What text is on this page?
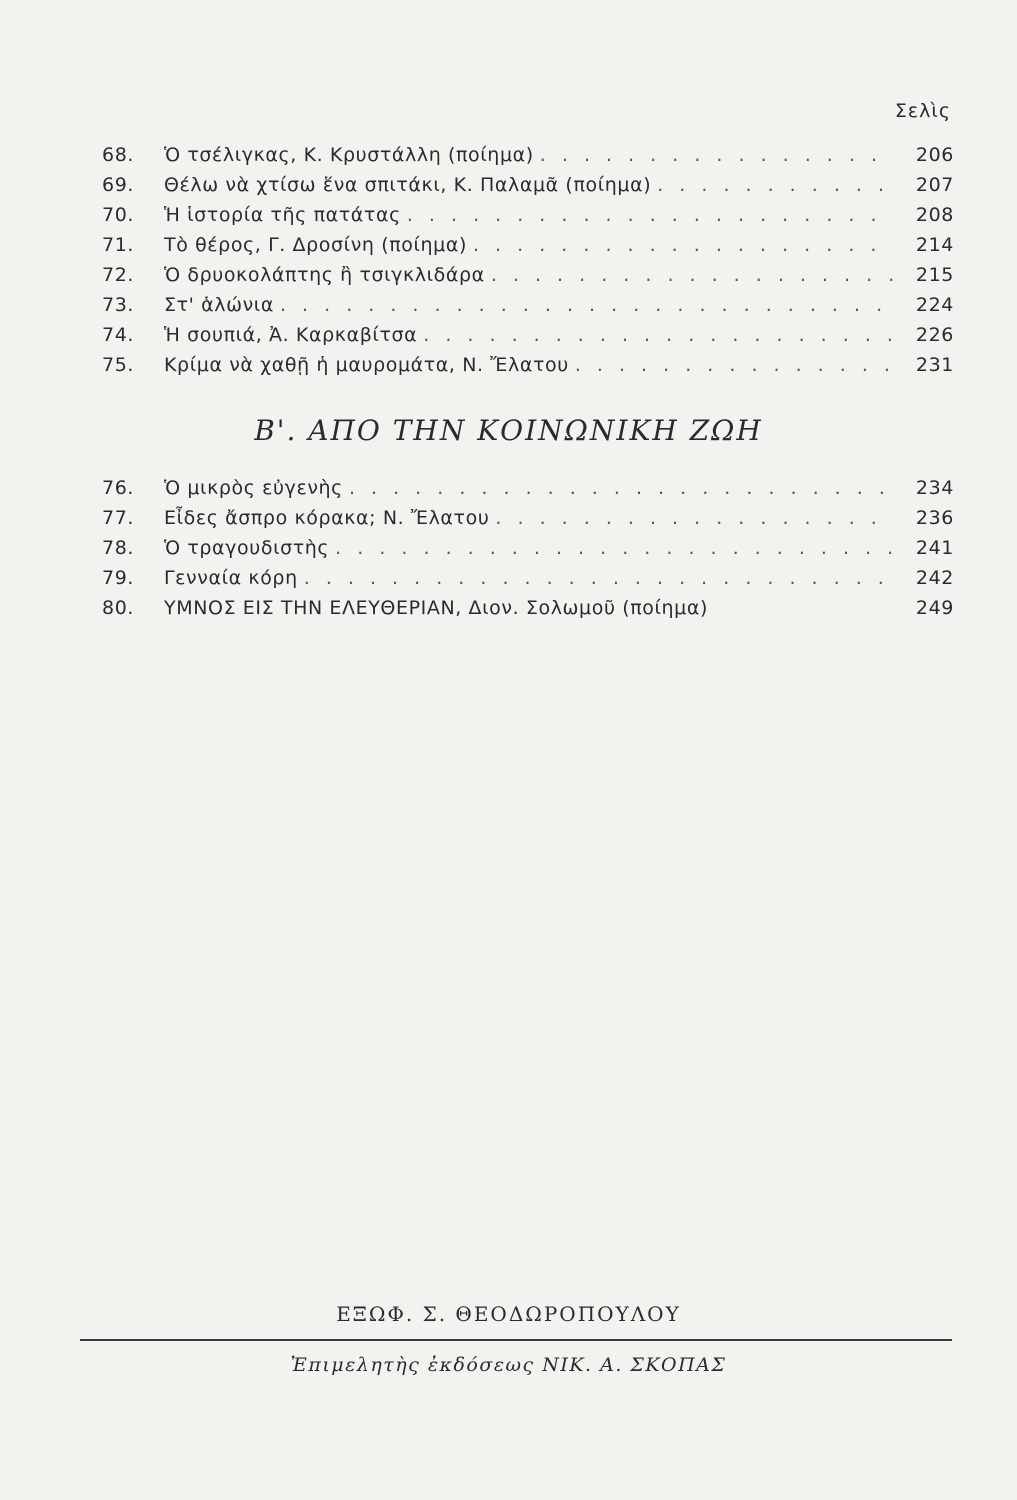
Σελὶς
68.	Ὁ τσέλιγκας, Κ. Κρυστάλλη (ποίημα) . . .	206
69.	Θέλω νὰ χτίσω ἕνα σπιτάκι, Κ. Παλαμᾶ (ποίημα) . . .	207
70.	Ἡ ἱστορία τῆς πατάτας . . .	208
71.	Τὸ θέρος, Γ. Δροσίνη (ποίημα) . . .	214
72.	Ὁ δρυοκολάπτης ἢ τσιγκλιδάρα . . .	215
73.	Στ' ἁλώνια . . .	224
74.	Ἡ σουπιά, Ἀ. Καρκαβίτσα . . .	226
75.	Κρίμα νὰ χαθῇ ἡ μαυρομάτα, Ν. Ἔλατου . . .	231
Β'. ΑΠΟ ΤΗΝ ΚΟΙΝΩΝΙΚΗ ΖΩΗ
76.	Ὁ μικρὸς εὐγενὴς . . .	234
77.	Εἶδες ἄσπρο κόρακα; Ν. Ἔλατου . . .	236
78.	Ὁ τραγουδιστὴς . . .	241
79.	Γενναία κόρη . . .	242
80.	ΥΜΝΟΣ ΕΙΣ ΤΗΝ ΕΛΕΥΘΕΡΙΑΝ, Διον. Σολωμοῦ (ποίημα)	249
ΕΞΩΦ. Σ. ΘΕΟΔΩΡΟΠΟΥΛΟΥ
Ἐπιμελητὴς ἐκδόσεως ΝΙΚ. Α. ΣΚΟΠΑΣ
